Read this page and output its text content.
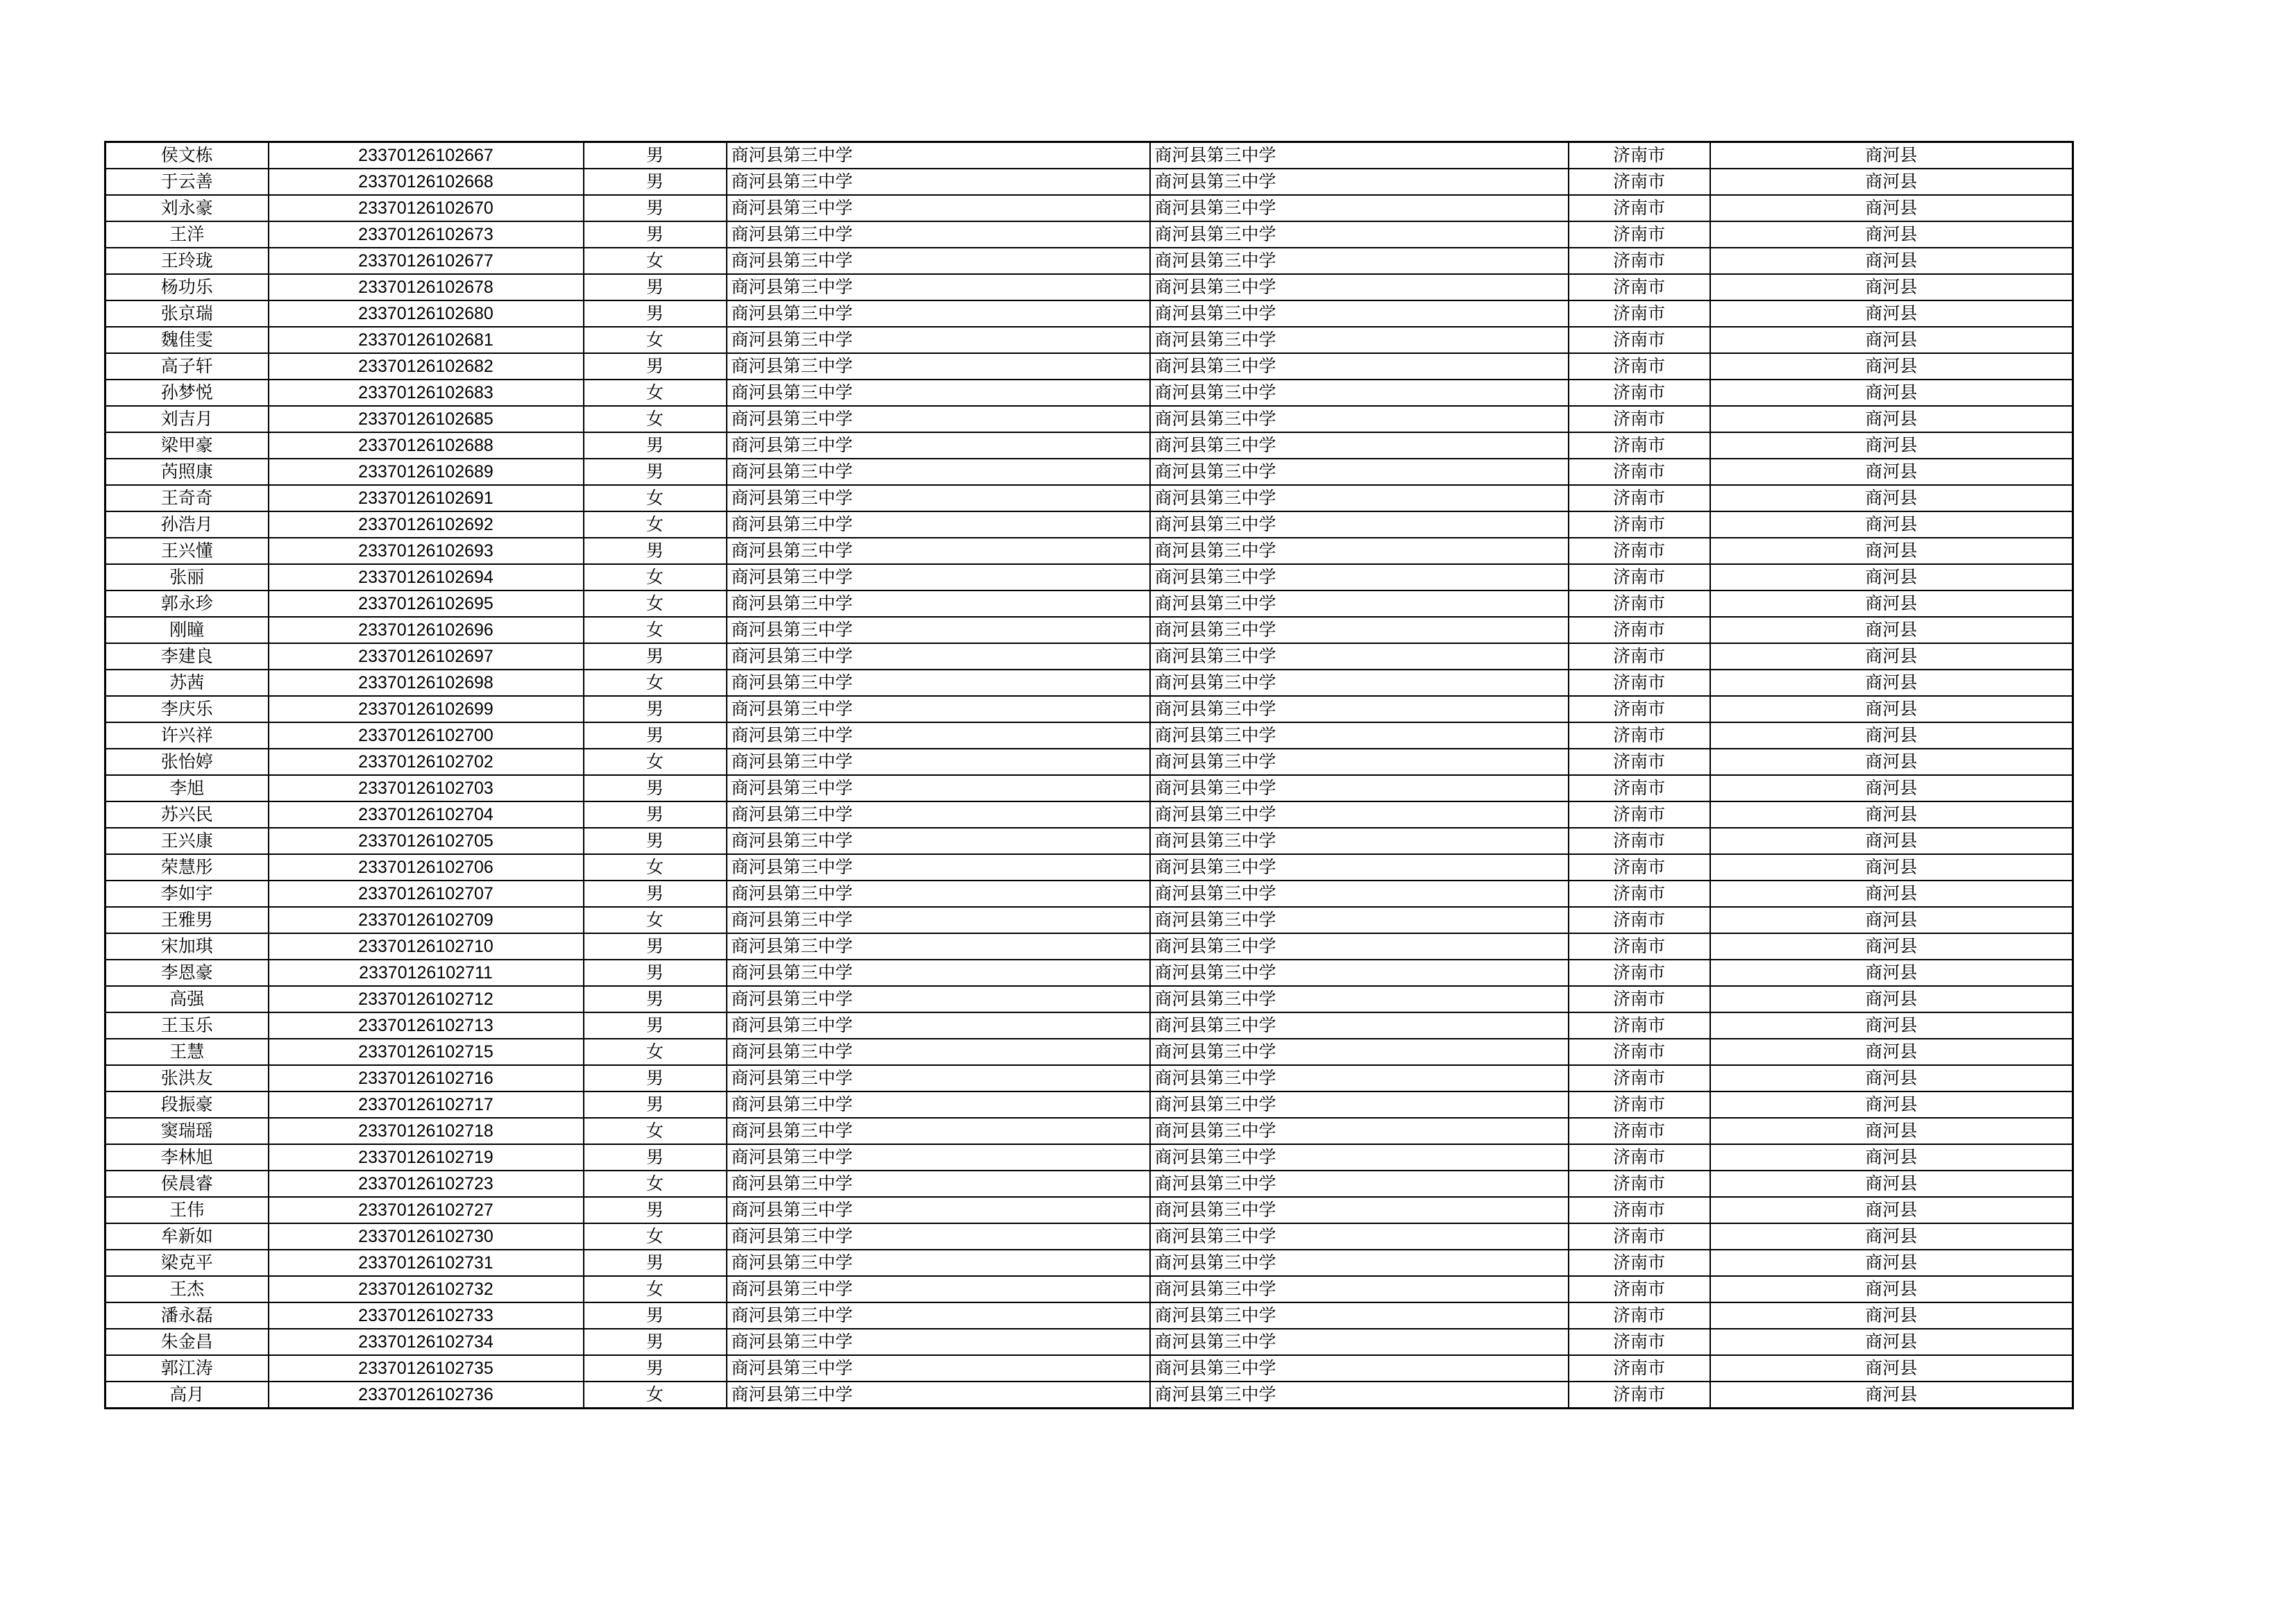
侯文栋	23370126102667	男	商河县第三中学	商河县第三中学	济南市	商河县
于云善	23370126102668	男	商河县第三中学	商河县第三中学	济南市	商河县
刘永豪	23370126102670	男	商河县第三中学	商河县第三中学	济南市	商河县
王洋	23370126102673	男	商河县第三中学	商河县第三中学	济南市	商河县
王玲珑	23370126102677	女	商河县第三中学	商河县第三中学	济南市	商河县
杨功乐	23370126102678	男	商河县第三中学	商河县第三中学	济南市	商河县
张京瑞	23370126102680	男	商河县第三中学	商河县第三中学	济南市	商河县
魏佳雯	23370126102681	女	商河县第三中学	商河县第三中学	济南市	商河县
高子轩	23370126102682	男	商河县第三中学	商河县第三中学	济南市	商河县
孙梦悦	23370126102683	女	商河县第三中学	商河县第三中学	济南市	商河县
刘吉月	23370126102685	女	商河县第三中学	商河县第三中学	济南市	商河县
梁甲豪	23370126102688	男	商河县第三中学	商河县第三中学	济南市	商河县
芮照康	23370126102689	男	商河县第三中学	商河县第三中学	济南市	商河县
王奇奇	23370126102691	女	商河县第三中学	商河县第三中学	济南市	商河县
孙浩月	23370126102692	女	商河县第三中学	商河县第三中学	济南市	商河县
王兴懂	23370126102693	男	商河县第三中学	商河县第三中学	济南市	商河县
张丽	23370126102694	女	商河县第三中学	商河县第三中学	济南市	商河县
郭永珍	23370126102695	女	商河县第三中学	商河县第三中学	济南市	商河县
刚瞳	23370126102696	女	商河县第三中学	商河县第三中学	济南市	商河县
李建良	23370126102697	男	商河县第三中学	商河县第三中学	济南市	商河县
苏茜	23370126102698	女	商河县第三中学	商河县第三中学	济南市	商河县
李庆乐	23370126102699	男	商河县第三中学	商河县第三中学	济南市	商河县
许兴祥	23370126102700	男	商河县第三中学	商河县第三中学	济南市	商河县
张怡婷	23370126102702	女	商河县第三中学	商河县第三中学	济南市	商河县
李旭	23370126102703	男	商河县第三中学	商河县第三中学	济南市	商河县
苏兴民	23370126102704	男	商河县第三中学	商河县第三中学	济南市	商河县
王兴康	23370126102705	男	商河县第三中学	商河县第三中学	济南市	商河县
荣慧彤	23370126102706	女	商河县第三中学	商河县第三中学	济南市	商河县
李如宇	23370126102707	男	商河县第三中学	商河县第三中学	济南市	商河县
王雅男	23370126102709	女	商河县第三中学	商河县第三中学	济南市	商河县
宋加琪	23370126102710	男	商河县第三中学	商河县第三中学	济南市	商河县
李恩豪	23370126102711	男	商河县第三中学	商河县第三中学	济南市	商河县
高强	23370126102712	男	商河县第三中学	商河县第三中学	济南市	商河县
王玉乐	23370126102713	男	商河县第三中学	商河县第三中学	济南市	商河县
王慧	23370126102715	女	商河县第三中学	商河县第三中学	济南市	商河县
张洪友	23370126102716	男	商河县第三中学	商河县第三中学	济南市	商河县
段振豪	23370126102717	男	商河县第三中学	商河县第三中学	济南市	商河县
窦瑞瑶	23370126102718	女	商河县第三中学	商河县第三中学	济南市	商河县
李林旭	23370126102719	男	商河县第三中学	商河县第三中学	济南市	商河县
侯晨睿	23370126102723	女	商河县第三中学	商河县第三中学	济南市	商河县
王伟	23370126102727	男	商河县第三中学	商河县第三中学	济南市	商河县
牟新如	23370126102730	女	商河县第三中学	商河县第三中学	济南市	商河县
梁克平	23370126102731	男	商河县第三中学	商河县第三中学	济南市	商河县
王杰	23370126102732	女	商河县第三中学	商河县第三中学	济南市	商河县
潘永磊	23370126102733	男	商河县第三中学	商河县第三中学	济南市	商河县
朱金昌	23370126102734	男	商河县第三中学	商河县第三中学	济南市	商河县
郭江涛	23370126102735	男	商河县第三中学	商河县第三中学	济南市	商河县
高月	23370126102736	女	商河县第三中学	商河县第三中学	济南市	商河县
